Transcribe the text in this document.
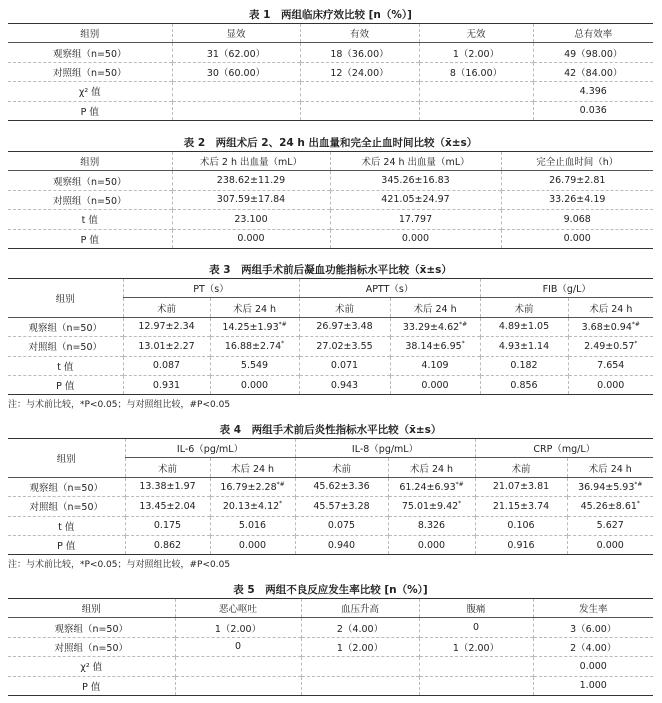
表 1　两组临床疗效比较 [n（%）]
组别	显效	有效	无效	总有效率
观察组（n=50）	31（62.00）	18（36.00）	1（2.00）	49（98.00）
对照组（n=50）	30（60.00）	12（24.00）	8（16.00）	42（84.00）
χ² 值				4.396
P 值				0.036
表 2　两组术后 2、24 h 出血量和完全止血时间比较（x̄±s）
组别	术后 2 h 出血量（mL）	术后 24 h 出血量（mL）	完全止血时间（h）
观察组（n=50）	238.62±11.29	345.26±16.83	26.79±2.81
对照组（n=50）	307.59±17.84	421.05±24.97	33.26±4.19
t 值	23.100	17.797	9.068
P 值	0.000	0.000	0.000
表 3　两组手术前后凝血功能指标水平比较（x̄±s）
组别	PT（s）		APTT（s）		FIB（g/L）	
	术前	术后 24 h	术前	术后 24 h	术前	术后 24 h
观察组（n=50）	12.97±2.34	14.25±1.93*#	26.97±3.48	33.29±4.62*#	4.89±1.05	3.68±0.94*#
对照组（n=50）	13.01±2.27	16.88±2.74*	27.02±3.55	38.14±6.95*	4.93±1.14	2.49±0.57*
t 值	0.087	5.549	0.071	4.109	0.182	7.654
P 值	0.931	0.000	0.943	0.000	0.856	0.000
注：与术前比较，*P<0.05；与对照组比较，#P<0.05
表 4　两组手术前后炎性指标水平比较（x̄±s）
组别	IL-6（pg/mL）		IL-8（pg/mL）		CRP（mg/L）	
	术前	术后 24 h	术前	术后 24 h	术前	术后 24 h
观察组（n=50）	13.38±1.97	16.79±2.28*#	45.62±3.36	61.24±6.93*#	21.07±3.81	36.94±5.93*#
对照组（n=50）	13.45±2.04	20.13±4.12*	45.57±3.28	75.01±9.42*	21.15±3.74	45.26±8.61*
t 值	0.175	5.016	0.075	8.326	0.106	5.627
P 值	0.862	0.000	0.940	0.000	0.916	0.000
注：与术前比较，*P<0.05；与对照组比较，#P<0.05
表 5　两组不良反应发生率比较 [n（%）]
组别	恶心呕吐	血压升高	腹痛	发生率
观察组（n=50）	1（2.00）	2（4.00）	0	3（6.00）
对照组（n=50）	0	1（2.00）	1（2.00）	2（4.00）
χ² 值				0.000
P 值				1.000
